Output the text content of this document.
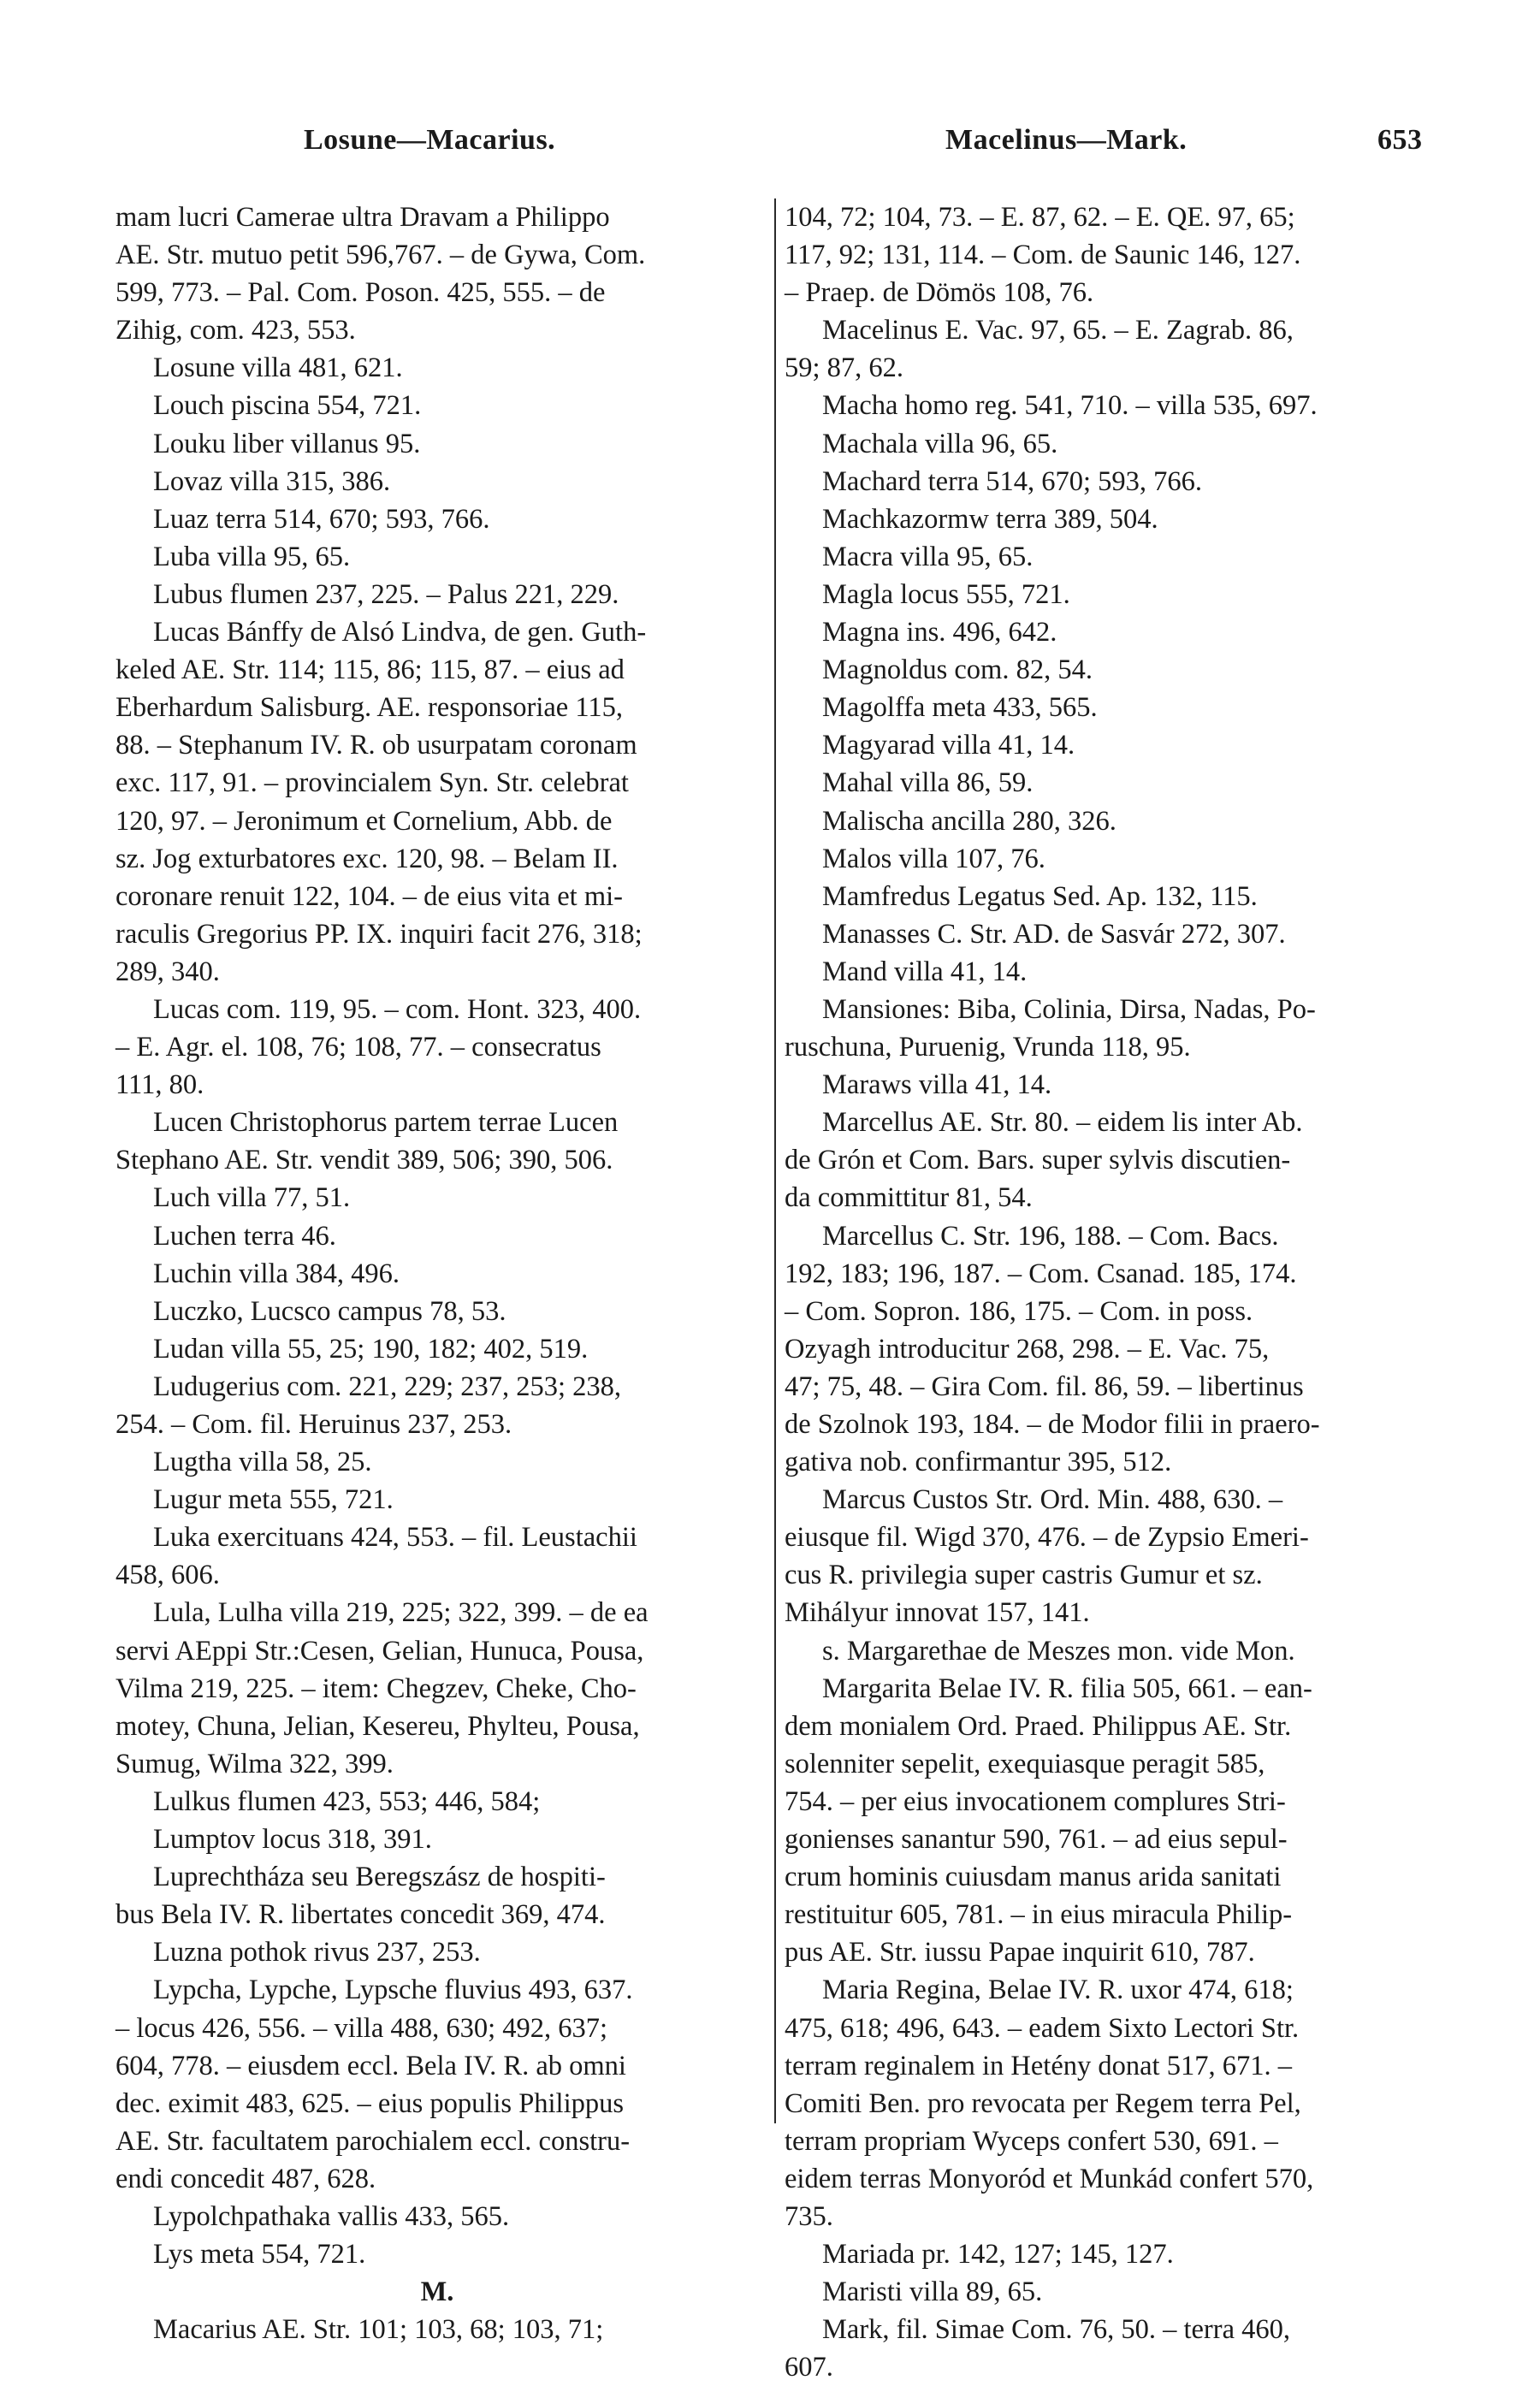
Losune—Macarius.	Macelinus—Mark.	653
mam lucri Camerae ultra Dravam a Philippo
AE. Str. mutuo petit 596,767. – de Gywa, Com.
599, 773. – Pal. Com. Poson. 425, 555. – de
Zihig, com. 423, 553.
Losune villa 481, 621.
Louch piscina 554, 721.
Louku liber villanus 95.
Lovaz villa 315, 386.
Luaz terra 514, 670; 593, 766.
Luba villa 95, 65.
Lubus flumen 237, 225. – Palus 221, 229.
Lucas Bánffy de Alsó Lindva, de gen. Guth-
keled AE. Str. 114; 115, 86; 115, 87. – eius ad
Eberhardum Salisburg. AE. responsoriae 115,
88. – Stephanum IV. R. ob usurpatam coronam
exc. 117, 91. – provincialem Syn. Str. celebrat
120, 97. – Jeronimum et Cornelium, Abb. de
sz. Jog exturbatores exc. 120, 98. – Belam II.
coronare renuit 122, 104. – de eius vita et mi-
raculis Gregorius PP. IX. inquiri facit 276, 318;
289, 340.
Lucas com. 119, 95. – com. Hont. 323, 400.
– E. Agr. el. 108, 76; 108, 77. – consecratus
111, 80.
Lucen Christophorus partem terrae Lucen
Stephano AE. Str. vendit 389, 506; 390, 506.
Luch villa 77, 51.
Luchen terra 46.
Luchin villa 384, 496.
Luczko, Lucsco campus 78, 53.
Ludan villa 55, 25; 190, 182; 402, 519.
Ludugerius com. 221, 229; 237, 253; 238,
254. – Com. fil. Heruinus 237, 253.
Lugtha villa 58, 25.
Lugur meta 555, 721.
Luka exercituans 424, 553. – fil. Leustachii
458, 606.
Lula, Lulha villa 219, 225; 322, 399. – de ea
servi AEppi Str.:Cesen, Gelian, Hunuca, Pousa,
Vilma 219, 225. – item: Chegzev, Cheke, Cho-
motey, Chuna, Jelian, Kesereu, Phylteu, Pousa,
Sumug, Wilma 322, 399.
Lulkus flumen 423, 553; 446, 584;
Lumptov locus 318, 391.
Luprechtháza seu Beregszász de hospiti-
bus Bela IV. R. libertates concedit 369, 474.
Luzna pothok rivus 237, 253.
Lypcha, Lypche, Lypsche fluvius 493, 637.
– locus 426, 556. – villa 488, 630; 492, 637;
604, 778. – eiusdem eccl. Bela IV. R. ab omni
dec. eximit 483, 625. – eius populis Philippus
AE. Str. facultatem parochialem eccl. constru-
endi concedit 487, 628.
Lypolchpathaka vallis 433, 565.
Lys meta 554, 721.
M.
Macarius AE. Str. 101; 103, 68; 103, 71;
104, 72; 104, 73. – E. 87, 62. – E. QE. 97, 65;
117, 92; 131, 114. – Com. de Saunic 146, 127.
– Praep. de Dömös 108, 76.
Macelinus E. Vac. 97, 65. – E. Zagrab. 86,
59; 87, 62.
Macha homo reg. 541, 710. – villa 535, 697.
Machala villa 96, 65.
Machard terra 514, 670; 593, 766.
Machkazormw terra 389, 504.
Macra villa 95, 65.
Magla locus 555, 721.
Magna ins. 496, 642.
Magnoldus com. 82, 54.
Magolffa meta 433, 565.
Magyarad villa 41, 14.
Mahal villa 86, 59.
Malischa ancilla 280, 326.
Malos villa 107, 76.
Mamfredus Legatus Sed. Ap. 132, 115.
Manasses C. Str. AD. de Sasvár 272, 307.
Mand villa 41, 14.
Mansiones: Biba, Colinia, Dirsa, Nadas, Po-
ruschuna, Puruenig, Vrunda 118, 95.
Maraws villa 41, 14.
Marcellus AE. Str. 80. – eidem lis inter Ab.
de Grón et Com. Bars. super sylvis discutien-
da committitur 81, 54.
Marcellus C. Str. 196, 188. – Com. Bacs.
192, 183; 196, 187. – Com. Csanad. 185, 174.
– Com. Sopron. 186, 175. – Com. in poss.
Ozyagh introducitur 268, 298. – E. Vac. 75,
47; 75, 48. – Gira Com. fil. 86, 59. – libertinus
de Szolnok 193, 184. – de Modor filii in praero-
gativa nob. confirmantur 395, 512.
Marcus Custos Str. Ord. Min. 488, 630. –
eiusque fil. Wigd 370, 476. – de Zypsio Emeri-
cus R. privilegia super castris Gumur et sz.
Mihályur innovat 157, 141.
s. Margarethae de Meszes mon. vide Mon.
Margarita Belae IV. R. filia 505, 661. – ean-
dem monialem Ord. Praed. Philippus AE. Str.
solenniter sepelit, exequiasque peragit 585,
754. – per eius invocationem complures Stri-
gonienses sanantur 590, 761. – ad eius sepul-
crum hominis cuiusdam manus arida sanitati
restituitur 605, 781. – in eius miracula Philip-
pus AE. Str. iussu Papae inquirit 610, 787.
Maria Regina, Belae IV. R. uxor 474, 618;
475, 618; 496, 643. – eadem Sixto Lectori Str.
terram reginalem in Hetény donat 517, 671. –
Comiti Ben. pro revocata per Regem terra Pel,
terram propriam Wyceps confert 530, 691. –
eidem terras Monyoród et Munkád confert 570,
735.
Mariada pr. 142, 127; 145, 127.
Maristi villa 89, 65.
Mark, fil. Simae Com. 76, 50. – terra 460,
607.
